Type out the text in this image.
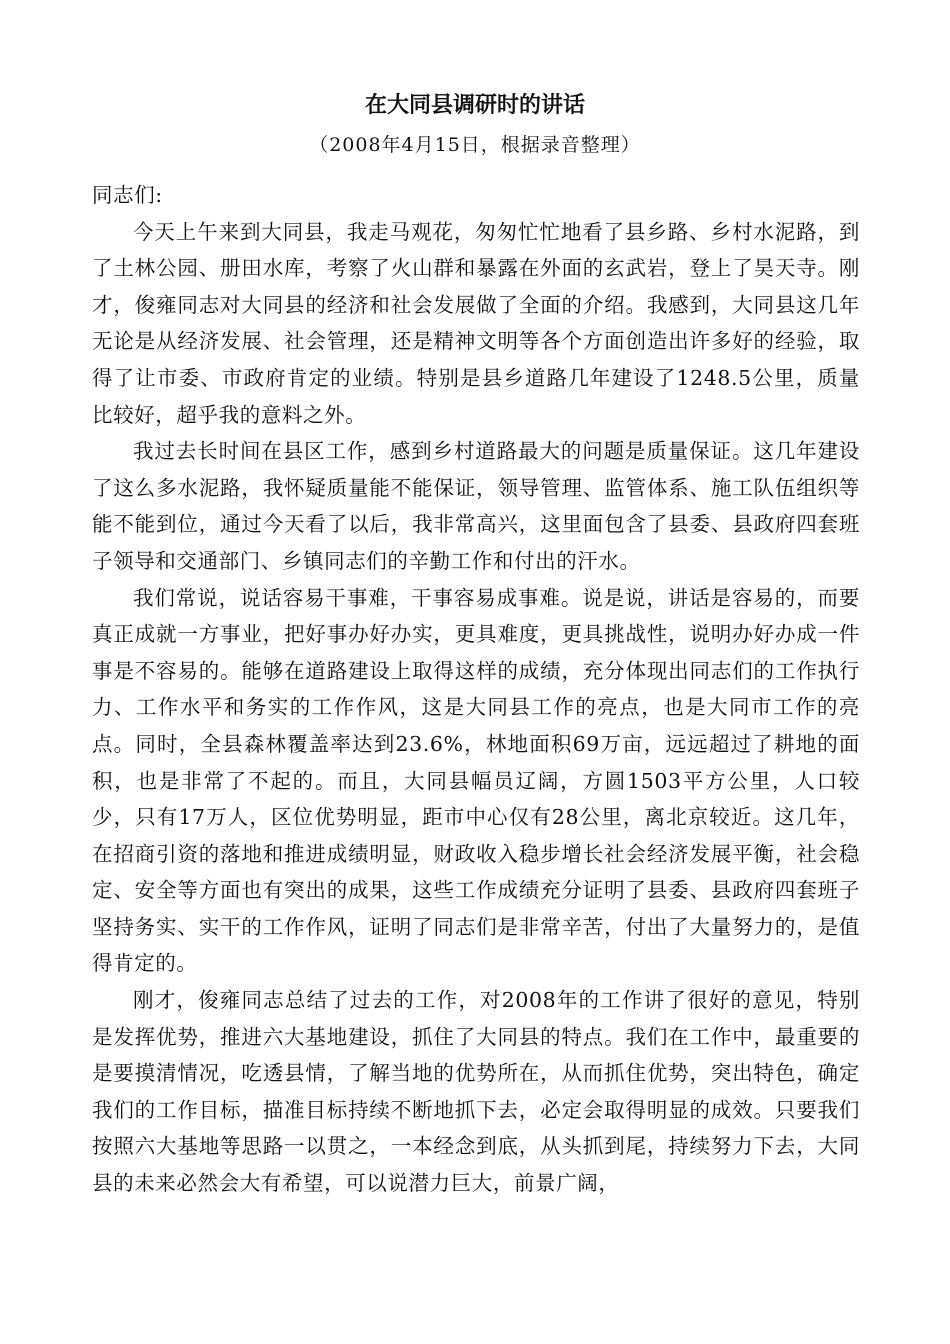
在大同县调研时的讲话
（2008年4月15日，根据录音整理）

同志们:

今天上午来到大同县，我走马观花，匆匆忙忙地看了县乡路、乡村水泥路，到了土林公园、册田水库，考察了火山群和暴露在外面的玄武岩，登上了昊天寺。刚才，俊雍同志对大同县的经济和社会发展做了全面的介绍。我感到，大同县这几年无论是从经济发展、社会管理，还是精神文明等各个方面创造出许多好的经验，取得了让市委、市政府肯定的业绩。特别是县乡道路几年建设了1248.5公里，质量比较好，超乎我的意料之外。

我过去长时间在县区工作，感到乡村道路最大的问题是质量保证。这几年建设了这么多水泥路，我怀疑质量能不能保证，领导管理、监管体系、施工队伍组织等能不能到位，通过今天看了以后，我非常高兴，这里面包含了县委、县政府四套班子领导和交通部门、乡镇同志们的辛勤工作和付出的汗水。

我们常说，说话容易干事难，干事容易成事难。说是说，讲话是容易的，而要真正成就一方事业，把好事办好办实，更具难度，更具挑战性，说明办好办成一件事是不容易的。能够在道路建设上取得这样的成绩，充分体现出同志们的工作执行力、工作水平和务实的工作作风，这是大同县工作的亮点，也是大同市工作的亮点。同时，全县森林覆盖率达到23.6%，林地面积69万亩，远远超过了耕地的面积，也是非常了不起的。而且，大同县幅员辽阔，方圆1503平方公里，人口较少，只有17万人，区位优势明显，距市中心仅有28公里，离北京较近。这几年，在招商引资的落地和推进成绩明显，财政收入稳步增长社会经济发展平衡，社会稳定、安全等方面也有突出的成果，这些工作成绩充分证明了县委、县政府四套班子坚持务实、实干的工作作风，证明了同志们是非常辛苦，付出了大量努力的，是值得肯定的。

刚才，俊雍同志总结了过去的工作，对2008年的工作讲了很好的意见，特别是发挥优势，推进六大基地建设，抓住了大同县的特点。我们在工作中，最重要的是要摸清情况，吃透县情，了解当地的优势所在，从而抓住优势，突出特色，确定我们的工作目标，描准目标持续不断地抓下去，必定会取得明显的成效。只要我们按照六大基地等思路一以贯之，一本经念到底，从头抓到尾，持续努力下去，大同县的未来必然会大有希望，可以说潜力巨大，前景广阔，
